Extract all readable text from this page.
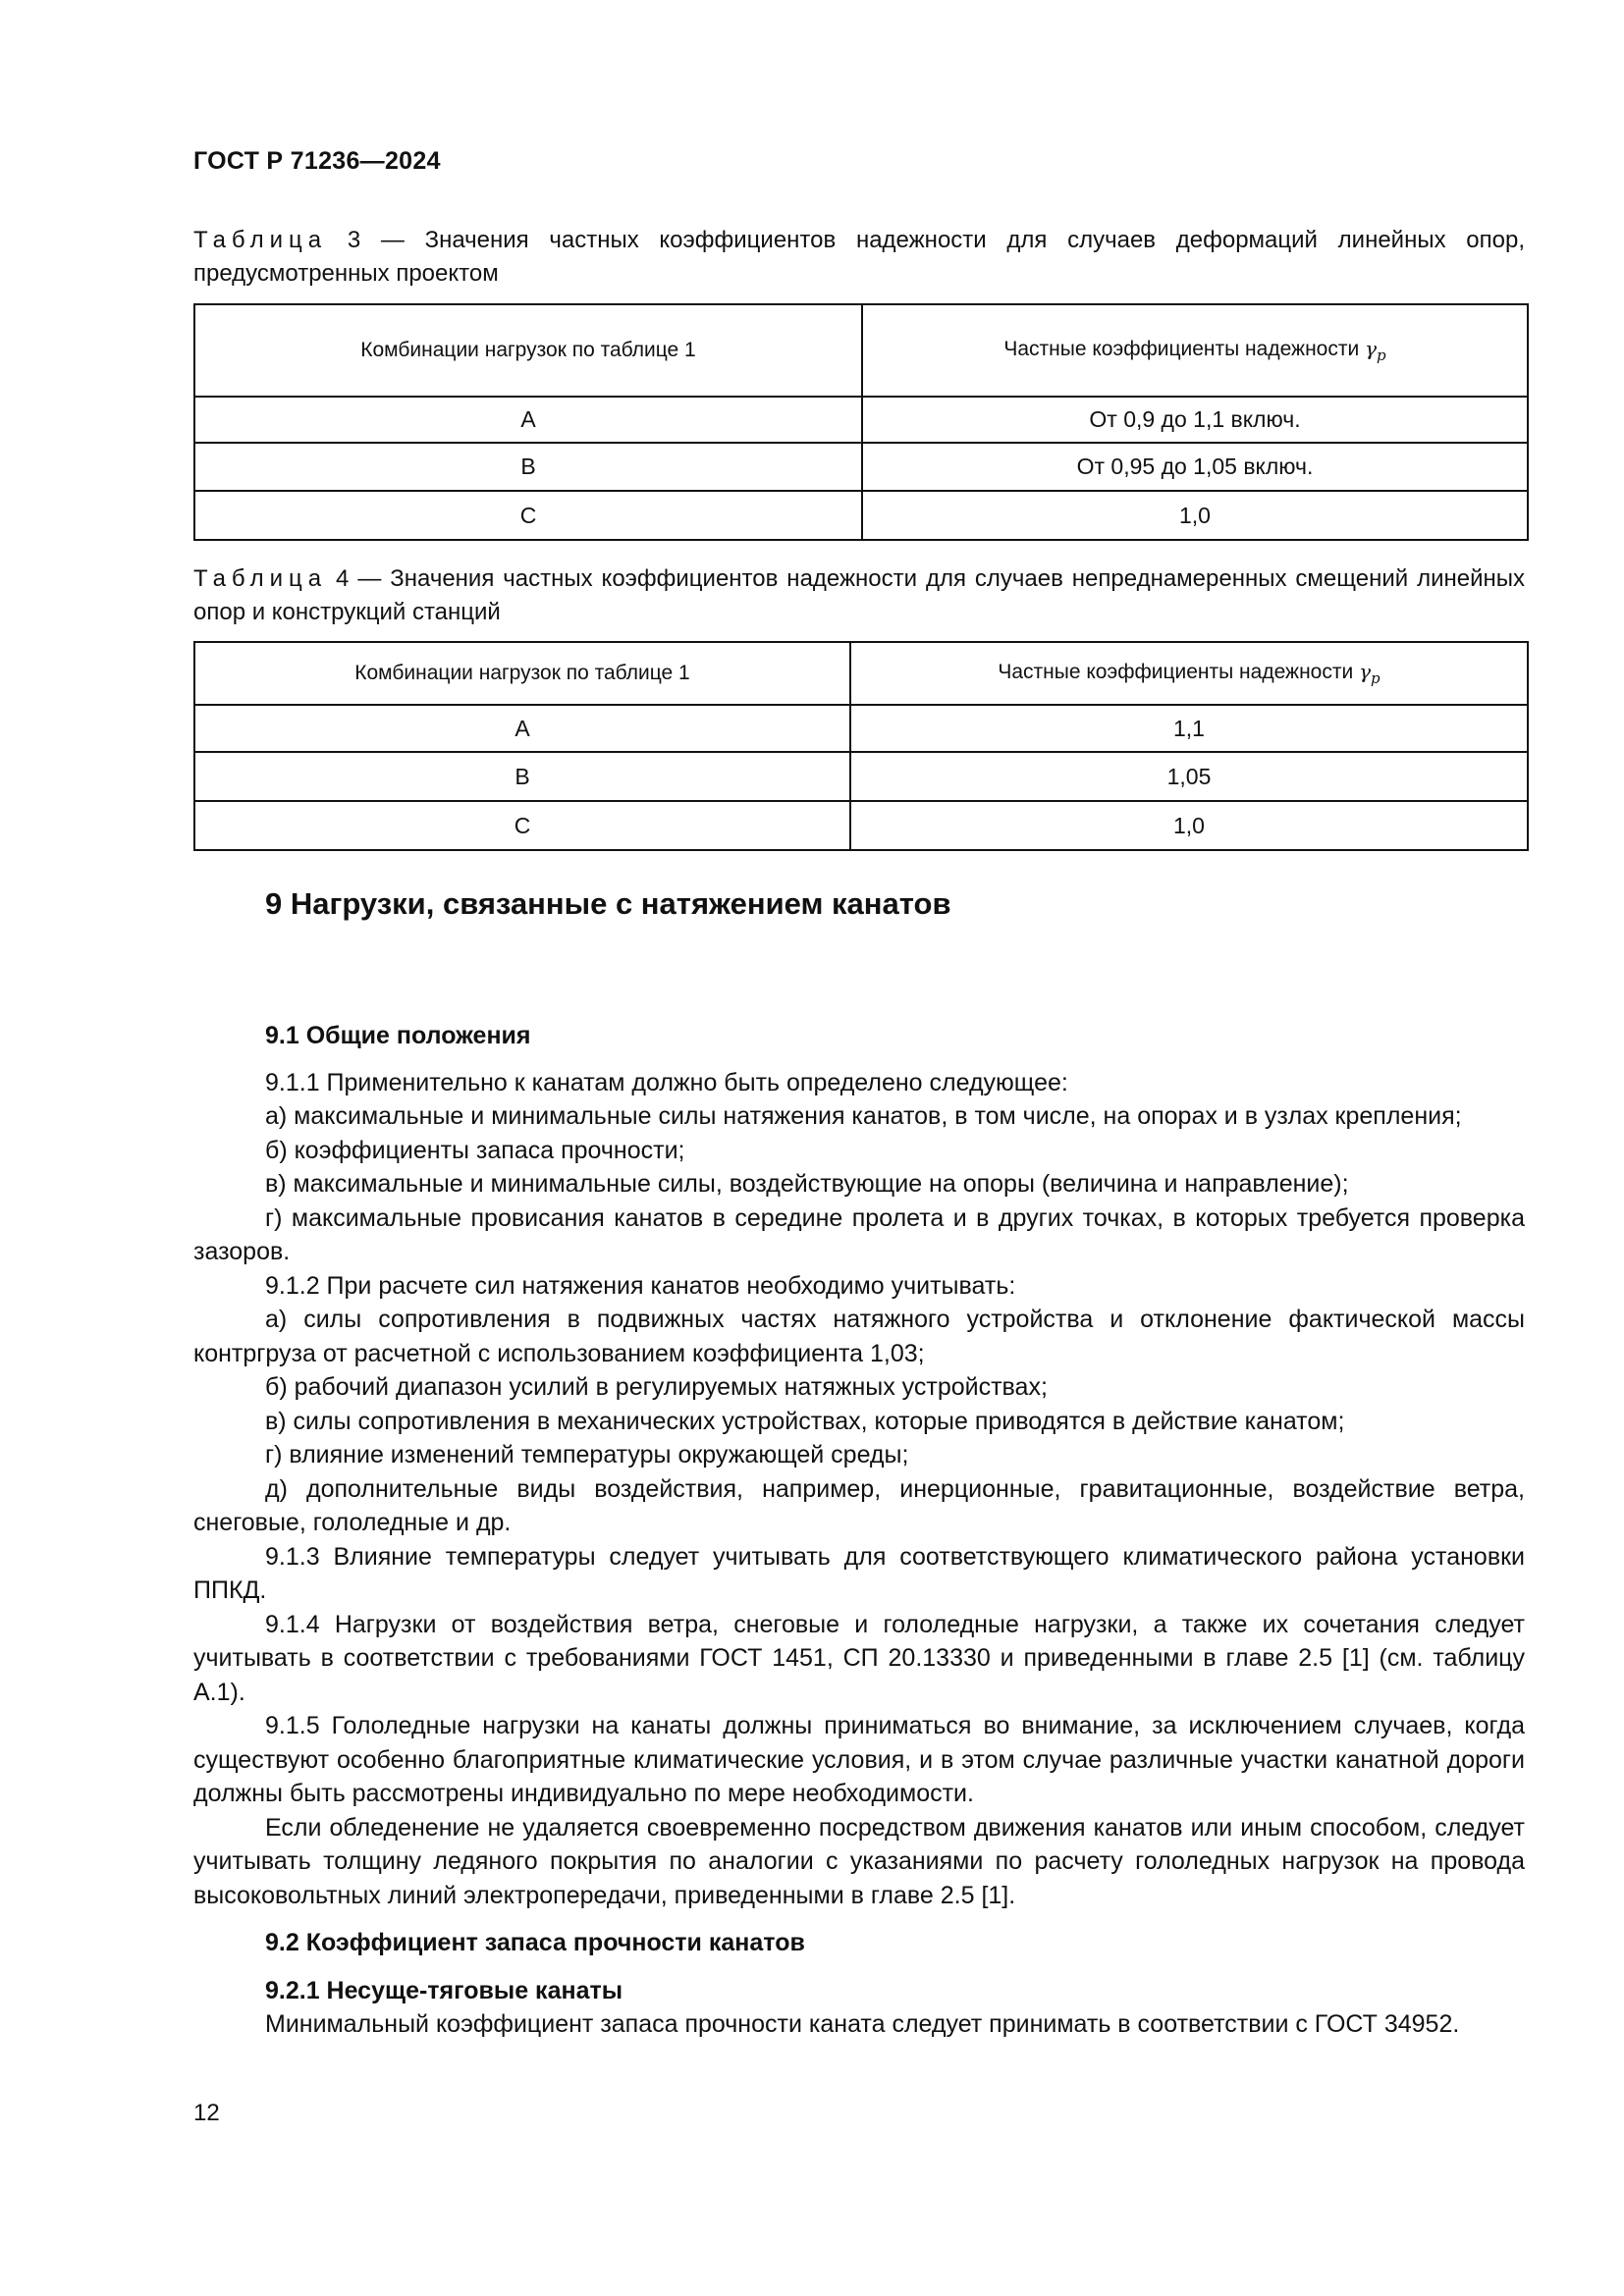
ГОСТ Р 71236—2024
Таблица 3 — Значения частных коэффициентов надежности для случаев деформаций линейных опор, предусмотренных проектом
Комбинации нагрузок по таблице 1	Частные коэффициенты надежности $\gamma_p$
A	От 0,9 до 1,1 включ.
B	От 0,95 до 1,05 включ.
C	1,0
Таблица 4 — Значения частных коэффициентов надежности для случаев непреднамеренных смещений линейных опор и конструкций станций
Комбинации нагрузок по таблице 1	Частные коэффициенты надежности $\gamma_p$
A	1,1
B	1,05
C	1,0
9 Нагрузки, связанные с натяжением канатов

9.1 Общие положения

9.1.1 Применительно к канатам должно быть определено следующее:

а) максимальные и минимальные силы натяжения канатов, в том числе, на опорах и в узлах крепления;

б) коэффициенты запаса прочности;

в) максимальные и минимальные силы, воздействующие на опоры (величина и направление);

г) максимальные провисания канатов в середине пролета и в других точках, в которых требуется проверка зазоров.

9.1.2 При расчете сил натяжения канатов необходимо учитывать:

а) силы сопротивления в подвижных частях натяжного устройства и отклонение фактической массы контргруза от расчетной с использованием коэффициента 1,03;

б) рабочий диапазон усилий в регулируемых натяжных устройствах;

в) силы сопротивления в механических устройствах, которые приводятся в действие канатом;

г) влияние изменений температуры окружающей среды;

д) дополнительные виды воздействия, например, инерционные, гравитационные, воздействие ветра, снеговые, гололедные и др.

9.1.3 Влияние температуры следует учитывать для соответствующего климатического района установки ППКД.

9.1.4 Нагрузки от воздействия ветра, снеговые и гололедные нагрузки, а также их сочетания следует учитывать в соответствии с требованиями ГОСТ 1451, СП 20.13330 и приведенными в главе 2.5 [1] (см. таблицу А.1).

9.1.5 Гололедные нагрузки на канаты должны приниматься во внимание, за исключением случаев, когда существуют особенно благоприятные климатические условия, и в этом случае различные участки канатной дороги должны быть рассмотрены индивидуально по мере необходимости.

Если обледенение не удаляется своевременно посредством движения канатов или иным способом, следует учитывать толщину ледяного покрытия по аналогии с указаниями по расчету гололедных нагрузок на провода высоковольтных линий электропередачи, приведенными в главе 2.5 [1].

9.2 Коэффициент запаса прочности канатов

9.2.1 Несуще-тяговые канаты

Минимальный коэффициент запаса прочности каната следует принимать в соответствии с ГОСТ 34952.

12
